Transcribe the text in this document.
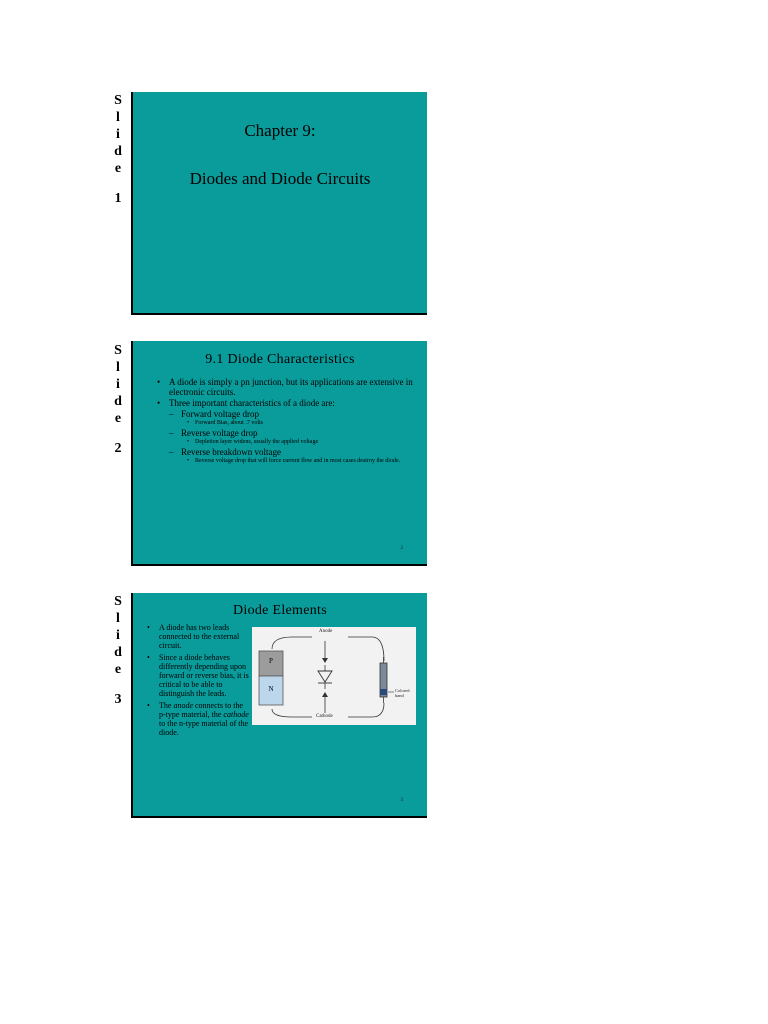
S
l
i
d
e
1
S
l
i
d
e
2
S
l
i
d
e
3
Chapter 9:
Diodes and Diode Circuits
9.1 Diode Characteristics
• A diode is simply a pn junction, but its applications are extensive in electronic circuits.
• Three important characteristics of a diode are:
– Forward voltage drop
• Forward Bias, about .7 volts
– Reverse voltage drop
• Depletion layer widens, usually the applied voltage
– Reverse breakdown voltage
• Reverse voltage drop that will force current flow and in most cases destroy the diode.
2
Diode Elements
• A diode has two leads connected to the external circuit.
• Since a diode behaves differently depending upon forward or reverse bias, it is critical to be able to distinguish the leads.
• The anode connects to the p-type material, the cathode to the n-type material of the diode.
Anode
Cathode
P
N	Colored
band
3
